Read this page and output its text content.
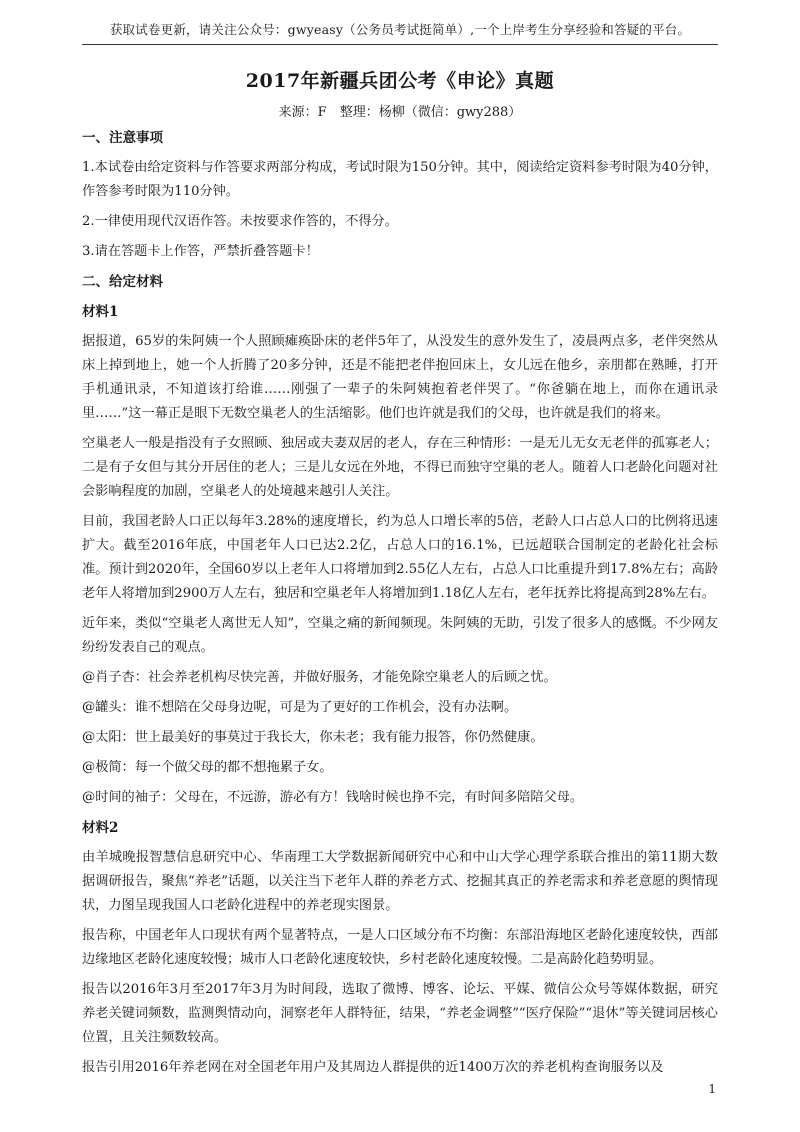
获取试卷更新，请关注公众号：gwyeasy（公务员考试挺简单）,一个上岸考生分享经验和答疑的平台。
2017年新疆兵团公考《申论》真题
来源：F　整理：杨柳（微信：gwy288）
一、注意事项

1.本试卷由给定资料与作答要求两部分构成，考试时限为150分钟。其中，阅读给定资料参考时限为40分钟，作答参考时限为110分钟。

2.一律使用现代汉语作答。未按要求作答的，不得分。

3.请在答题卡上作答，严禁折叠答题卡！

二、给定材料
材料1

据报道，65岁的朱阿姨一个人照顾瘫痪卧床的老伴5年了，从没发生的意外发生了，凌晨两点多，老伴突然从床上掉到地上，她一个人折腾了20多分钟，还是不能把老伴抱回床上，女儿远在他乡，亲朋都在熟睡，打开手机通讯录，不知道该打给谁……刚强了一辈子的朱阿姨抱着老伴哭了。“你爸躺在地上，而你在通讯录里……”这一幕正是眼下无数空巢老人的生活缩影。他们也许就是我们的父母，也许就是我们的将来。

空巢老人一般是指没有子女照顾、独居或夫妻双居的老人，存在三种情形：一是无儿无女无老伴的孤寡老人；二是有子女但与其分开居住的老人；三是儿女远在外地，不得已而独守空巢的老人。随着人口老龄化问题对社会影响程度的加剧，空巢老人的处境越来越引人关注。

目前，我国老龄人口正以每年3.28%的速度增长，约为总人口增长率的5倍，老龄人口占总人口的比例将迅速扩大。截至2016年底，中国老年人口已达2.2亿，占总人口的16.1%，已远超联合国制定的老龄化社会标准。预计到2020年，全国60岁以上老年人口将增加到2.55亿人左右，占总人口比重提升到17.8%左右；高龄老年人将增加到2900万人左右，独居和空巢老年人将增加到1.18亿人左右，老年抚养比将提高到28%左右。

近年来，类似“空巢老人离世无人知”，空巢之痛的新闻频现。朱阿姨的无助，引发了很多人的感慨。不少网友纷纷发表自己的观点。

@肖子杏：社会养老机构尽快完善，并做好服务，才能免除空巢老人的后顾之忧。

@罐头：谁不想陪在父母身边呢，可是为了更好的工作机会，没有办法啊。

@太阳：世上最美好的事莫过于我长大，你未老；我有能力报答，你仍然健康。

@极简：每一个做父母的都不想拖累子女。

@时间的袖子：父母在，不远游，游必有方！钱啥时候也挣不完，有时间多陪陪父母。

材料2

由羊城晚报智慧信息研究中心、华南理工大学数据新闻研究中心和中山大学心理学系联合推出的第11期大数据调研报告，聚焦“养老”话题，以关注当下老年人群的养老方式、挖掘其真正的养老需求和养老意愿的舆情现状，力图呈现我国人口老龄化进程中的养老现实图景。

报告称，中国老年人口现状有两个显著特点，一是人口区域分布不均衡：东部沿海地区老龄化速度较快，西部边缘地区老龄化速度较慢；城市人口老龄化速度较快，乡村老龄化速度较慢。二是高龄化趋势明显。

报告以2016年3月至2017年3月为时间段，选取了微博、博客、论坛、平媒、微信公众号等媒体数据，研究养老关键词频数，监测舆情动向，洞察老年人群特征，结果，“养老金调整”“医疗保险”“退休”等关键词居核心位置，且关注频数较高。

报告引用2016年养老网在对全国老年用户及其周边人群提供的近1400万次的养老机构查询服务以及

1
